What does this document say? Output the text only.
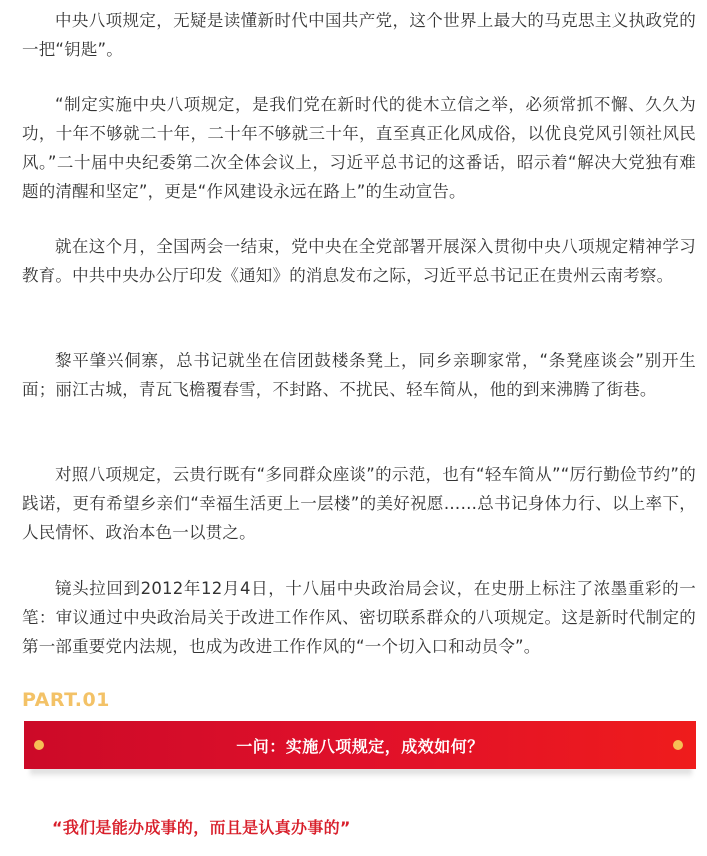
中央八项规定，无疑是读懂新时代中国共产党，这个世界上最大的马克思主义执政党的一把“钥匙”。

“制定实施中央八项规定，是我们党在新时代的徙木立信之举，必须常抓不懈、久久为功，十年不够就二十年，二十年不够就三十年，直至真正化风成俗，以优良党风引领社风民风。”二十届中央纪委第二次全体会议上，习近平总书记的这番话，昭示着“解决大党独有难题的清醒和坚定”，更是“作风建设永远在路上”的生动宣告。

就在这个月，全国两会一结束，党中央在全党部署开展深入贯彻中央八项规定精神学习教育。中共中央办公厅印发《通知》的消息发布之际，习近平总书记正在贵州云南考察。

黎平肇兴侗寨，总书记就坐在信团鼓楼条凳上，同乡亲聊家常，“条凳座谈会”别开生面；丽江古城，青瓦飞檐覆春雪，不封路、不扰民、轻车简从，他的到来沸腾了街巷。

对照八项规定，云贵行既有“多同群众座谈”的示范，也有“轻车简从”“厉行勤俭节约”的践诺，更有希望乡亲们“幸福生活更上一层楼”的美好祝愿……总书记身体力行、以上率下，人民情怀、政治本色一以贯之。

镜头拉回到2012年12月4日，十八届中央政治局会议，在史册上标注了浓墨重彩的一笔：审议通过中央政治局关于改进工作作风、密切联系群众的八项规定。这是新时代制定的第一部重要党内法规，也成为改进工作作风的“一个切入口和动员令”。

PART.01
一问：实施八项规定，成效如何？
“我们是能办成事的，而且是认真办事的”
